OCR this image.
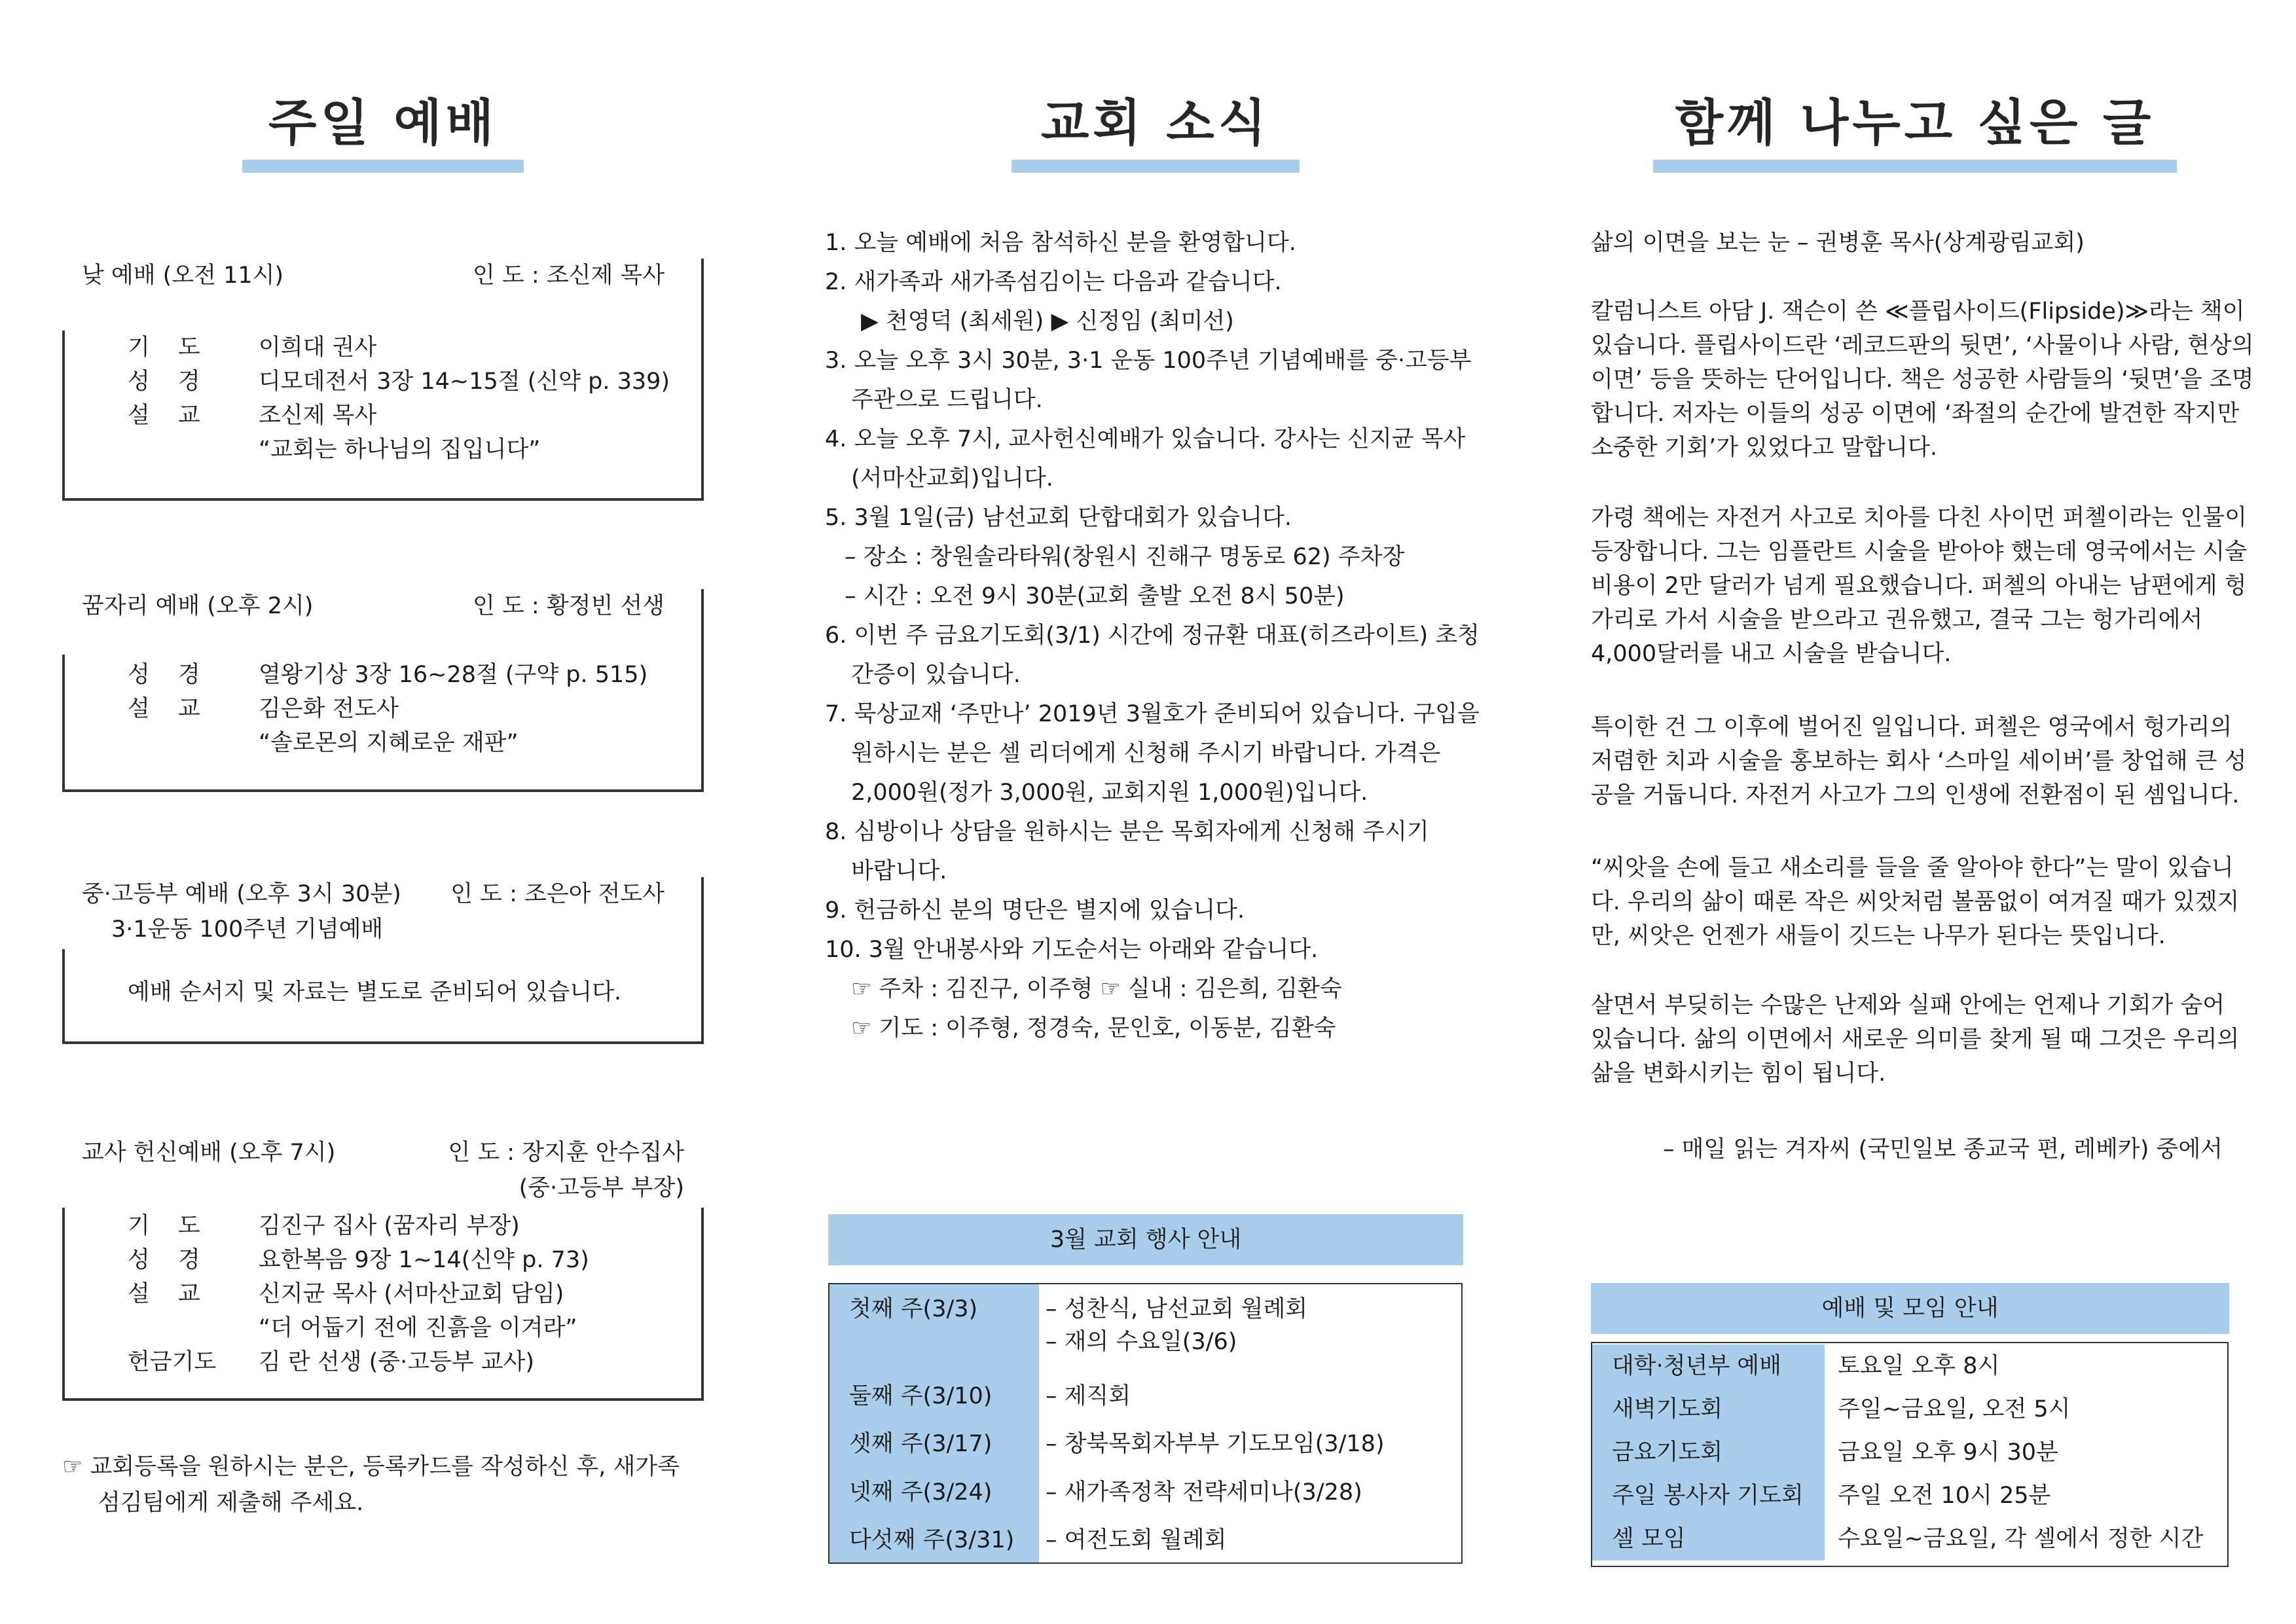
주일 예배
낮 예배 (오전 11시)	인 도 : 조신제 목사
기 도 이희대 권사
성 경 디모데전서 3장 14~15절 (신약 p. 339)
설 교 조신제 목사
“교회는 하나님의 집입니다”
꿈자리 예배 (오후 2시)	인 도 : 황정빈 선생
성 경 열왕기상 3장 16~28절 (구약 p. 515)
설 교 김은화 전도사
“솔로몬의 지혜로운 재판”
중·고등부 예배 (오후 3시 30분) 인 도 : 조은아 전도사
3·1운동 100주년 기념예배
예배 순서지 및 자료는 별도로 준비되어 있습니다.
교사 헌신예배 (오후 7시)	인 도 : 장지훈 안수집사
(중·고등부 부장)
기 도 김진구 집사 (꿈자리 부장)
성 경 요한복음 9장 1~14(신약 p. 73)
설 교 신지균 목사 (서마산교회 담임)
“더 어둡기 전에 진흙을 이겨라”
헌금기도 김 란 선생 (중·고등부 교사)
☞ 교회등록을 원하시는 분은, 등록카드를 작성하신 후, 새가족
섬김팀에게 제출해 주세요.
교회 소식
1. 오늘 예배에 처음 참석하신 분을 환영합니다.
2. 새가족과 새가족섬김이는 다음과 같습니다.
▶ 천영덕 (최세원) ▶ 신정임 (최미선)
3. 오늘 오후 3시 30분, 3·1 운동 100주년 기념예배를 중·고등부
주관으로 드립니다.
4. 오늘 오후 7시, 교사헌신예배가 있습니다. 강사는 신지균 목사
(서마산교회)입니다.
5. 3월 1일(금) 남선교회 단합대회가 있습니다.
– 장소 : 창원솔라타워(창원시 진해구 명동로 62) 주차장
– 시간 : 오전 9시 30분(교회 출발 오전 8시 50분)
6. 이번 주 금요기도회(3/1) 시간에 정규환 대표(히즈라이트) 초청
간증이 있습니다.
7. 묵상교재 ‘주만나’ 2019년 3월호가 준비되어 있습니다. 구입을
원하시는 분은 셀 리더에게 신청해 주시기 바랍니다. 가격은
2,000원(정가 3,000원, 교회지원 1,000원)입니다.
8. 심방이나 상담을 원하시는 분은 목회자에게 신청해 주시기
바랍니다.
9. 헌금하신 분의 명단은 별지에 있습니다.
10. 3월 안내봉사와 기도순서는 아래와 같습니다.
☞ 주차 : 김진구, 이주형 ☞ 실내 : 김은희, 김환숙
☞ 기도 : 이주형, 정경숙, 문인호, 이동분, 김환숙
3월 교회 행사 안내
첫째 주(3/3)	– 성찬식, 남선교회 월례회
– 재의 수요일(3/6)
둘째 주(3/10) – 제직회
셋째 주(3/17) – 창북목회자부부 기도모임(3/18)
넷째 주(3/24) – 새가족정착 전략세미나(3/28)
다섯째 주(3/31) – 여전도회 월례회
함께 나누고 싶은 글
삶의 이면을 보는 눈 – 권병훈 목사(상계광림교회)
칼럼니스트 아담 J. 잭슨이 쓴 ≪플립사이드(Flipside)≫라는 책이
있습니다. 플립사이드란 ‘레코드판의 뒷면’, ‘사물이나 사람, 현상의
이면’ 등을 뜻하는 단어입니다. 책은 성공한 사람들의 ‘뒷면’을 조명
합니다. 저자는 이들의 성공 이면에 ‘좌절의 순간에 발견한 작지만
소중한 기회’가 있었다고 말합니다.
가령 책에는 자전거 사고로 치아를 다친 사이먼 퍼첼이라는 인물이
등장합니다. 그는 임플란트 시술을 받아야 했는데 영국에서는 시술
비용이 2만 달러가 넘게 필요했습니다. 퍼첼의 아내는 남편에게 헝
가리로 가서 시술을 받으라고 권유했고, 결국 그는 헝가리에서
4,000달러를 내고 시술을 받습니다.
특이한 건 그 이후에 벌어진 일입니다. 퍼첼은 영국에서 헝가리의
저렴한 치과 시술을 홍보하는 회사 ‘스마일 세이버’를 창업해 큰 성
공을 거둡니다. 자전거 사고가 그의 인생에 전환점이 된 셈입니다.
“씨앗을 손에 들고 새소리를 들을 줄 알아야 한다”는 말이 있습니
다. 우리의 삶이 때론 작은 씨앗처럼 볼품없이 여겨질 때가 있겠지
만, 씨앗은 언젠가 새들이 깃드는 나무가 된다는 뜻입니다.
살면서 부딪히는 수많은 난제와 실패 안에는 언제나 기회가 숨어
있습니다. 삶의 이면에서 새로운 의미를 찾게 될 때 그것은 우리의
삶을 변화시키는 힘이 됩니다.
– 매일 읽는 겨자씨 (국민일보 종교국 편, 레베카) 중에서
예배 및 모임 안내
대학·청년부 예배	토요일 오후 8시
새벽기도회	주일~금요일, 오전 5시
금요기도회	금요일 오후 9시 30분
주일 봉사자 기도회	주일 오전 10시 25분
셀 모임	수요일~금요일, 각 셀에서 정한 시간
